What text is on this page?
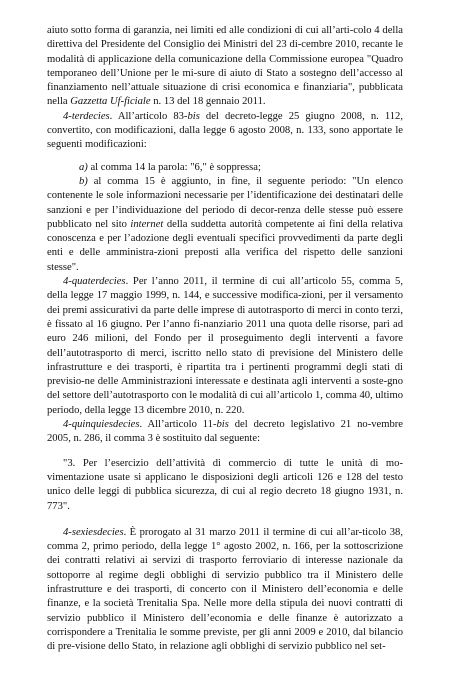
aiuto sotto forma di garanzia, nei limiti ed alle condizioni di cui all’arti-colo 4 della direttiva del Presidente del Consiglio dei Ministri del 23 di-cembre 2010, recante le modalità di applicazione della comunicazione della Commissione europea "Quadro temporaneo dell’Unione per le mi-sure di aiuto di Stato a sostegno dell’accesso al finanziamento nell’attuale situazione di crisi economica e finanziaria", pubblicata nella Gazzetta Uf-ficiale n. 13 del 18 gennaio 2011.

4-terdecies. All’articolo 83-bis del decreto-legge 25 giugno 2008, n. 112, convertito, con modificazioni, dalla legge 6 agosto 2008, n. 133, sono apportate le seguenti modificazioni:

a) al comma 14 la parola: "6," è soppressa;

b) al comma 15 è aggiunto, in fine, il seguente periodo: "Un elenco contenente le sole informazioni necessarie per l’identificazione dei destinatari delle sanzioni e per l’individuazione del periodo di decor-renza delle stesse può essere pubblicato nel sito internet della suddetta autorità competente ai fini della relativa conoscenza e per l’adozione degli eventuali specifici provvedimenti da parte degli enti e delle amministra-zioni preposti alla verifica del rispetto delle sanzioni stesse".

4-quaterdecies. Per l’anno 2011, il termine di cui all’articolo 55, comma 5, della legge 17 maggio 1999, n. 144, e successive modifica-zioni, per il versamento dei premi assicurativi da parte delle imprese di autotrasporto di merci in conto terzi, è fissato al 16 giugno. Per l’anno fi-nanziario 2011 una quota delle risorse, pari ad euro 246 milioni, del Fondo per il proseguimento degli interventi a favore dell’autotrasporto di merci, iscritto nello stato di previsione del Ministero delle infrastrutture e dei trasporti, è ripartita tra i pertinenti programmi degli stati di previsio-ne delle Amministrazioni interessate e destinata agli interventi a soste-gno del settore dell’autotrasporto con le modalità di cui all’articolo 1, comma 40, ultimo periodo, della legge 13 dicembre 2010, n. 220.

4-quinquiesdecies. All’articolo 11-bis del decreto legislativo 21 no-vembre 2005, n. 286, il comma 3 è sostituito dal seguente:

"3. Per l’esercizio dell’attività di commercio di tutte le unità di mo-vimentazione usate si applicano le disposizioni degli articoli 126 e 128 del testo unico delle leggi di pubblica sicurezza, di cui al regio decreto 18 giugno 1931, n. 773".

4-sexiesdecies. È prorogato al 31 marzo 2011 il termine di cui all’ar-ticolo 38, comma 2, primo periodo, della legge 1° agosto 2002, n. 166, per la sottoscrizione dei contratti relativi ai servizi di trasporto ferroviario di interesse nazionale da sottoporre al regime degli obblighi di servizio pubblico tra il Ministero delle infrastrutture e dei trasporti, di concerto con il Ministero dell’economia e delle finanze, e la società Trenitalia Spa. Nelle more della stipula dei nuovi contratti di servizio pubblico il Ministero dell’economia e delle finanze è autorizzato a corrispondere a Trenitalia le somme previste, per gli anni 2009 e 2010, dal bilancio di pre-visione dello Stato, in relazione agli obblighi di servizio pubblico nel set-
